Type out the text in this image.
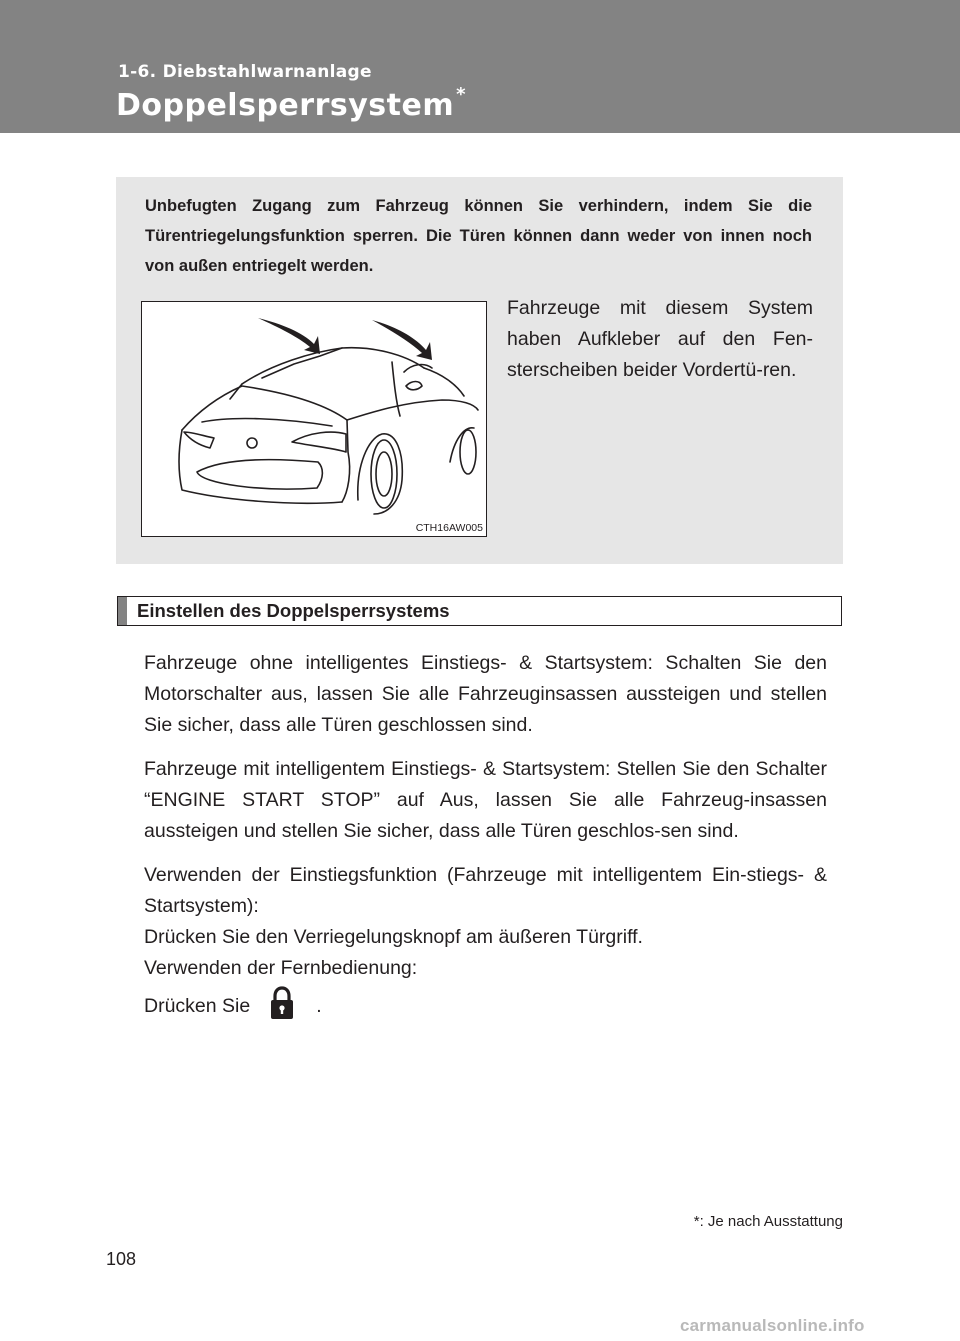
1-6. Diebstahlwarnanlage
Doppelsperrsystem *
Unbefugten Zugang zum Fahrzeug können Sie verhindern, indem Sie die Türentriegelungsfunktion sperren. Die Türen können dann weder von innen noch von außen entriegelt werden.
CTH16AW005
Fahrzeuge mit diesem System haben Aufkleber auf den Fen-sterscheiben beider Vordertü-ren.
Einstellen des Doppelsperrsystems

Fahrzeuge ohne intelligentes Einstiegs- & Startsystem: Schalten Sie den Motorschalter aus, lassen Sie alle Fahrzeuginsassen aussteigen und stellen Sie sicher, dass alle Türen geschlossen sind.

Fahrzeuge mit intelligentem Einstiegs- & Startsystem: Stellen Sie den Schalter “ENGINE START STOP” auf Aus, lassen Sie alle Fahrzeug-insassen aussteigen und stellen Sie sicher, dass alle Türen geschlos-sen sind.

Verwenden der Einstiegsfunktion (Fahrzeuge mit intelligentem Ein-stiegs- & Startsystem):

Drücken Sie den Verriegelungsknopf am äußeren Türgriff.

Verwenden der Fernbedienung:

Drücken Sie	.

*: Je nach Ausstattung
108
carmanualsonline.info
